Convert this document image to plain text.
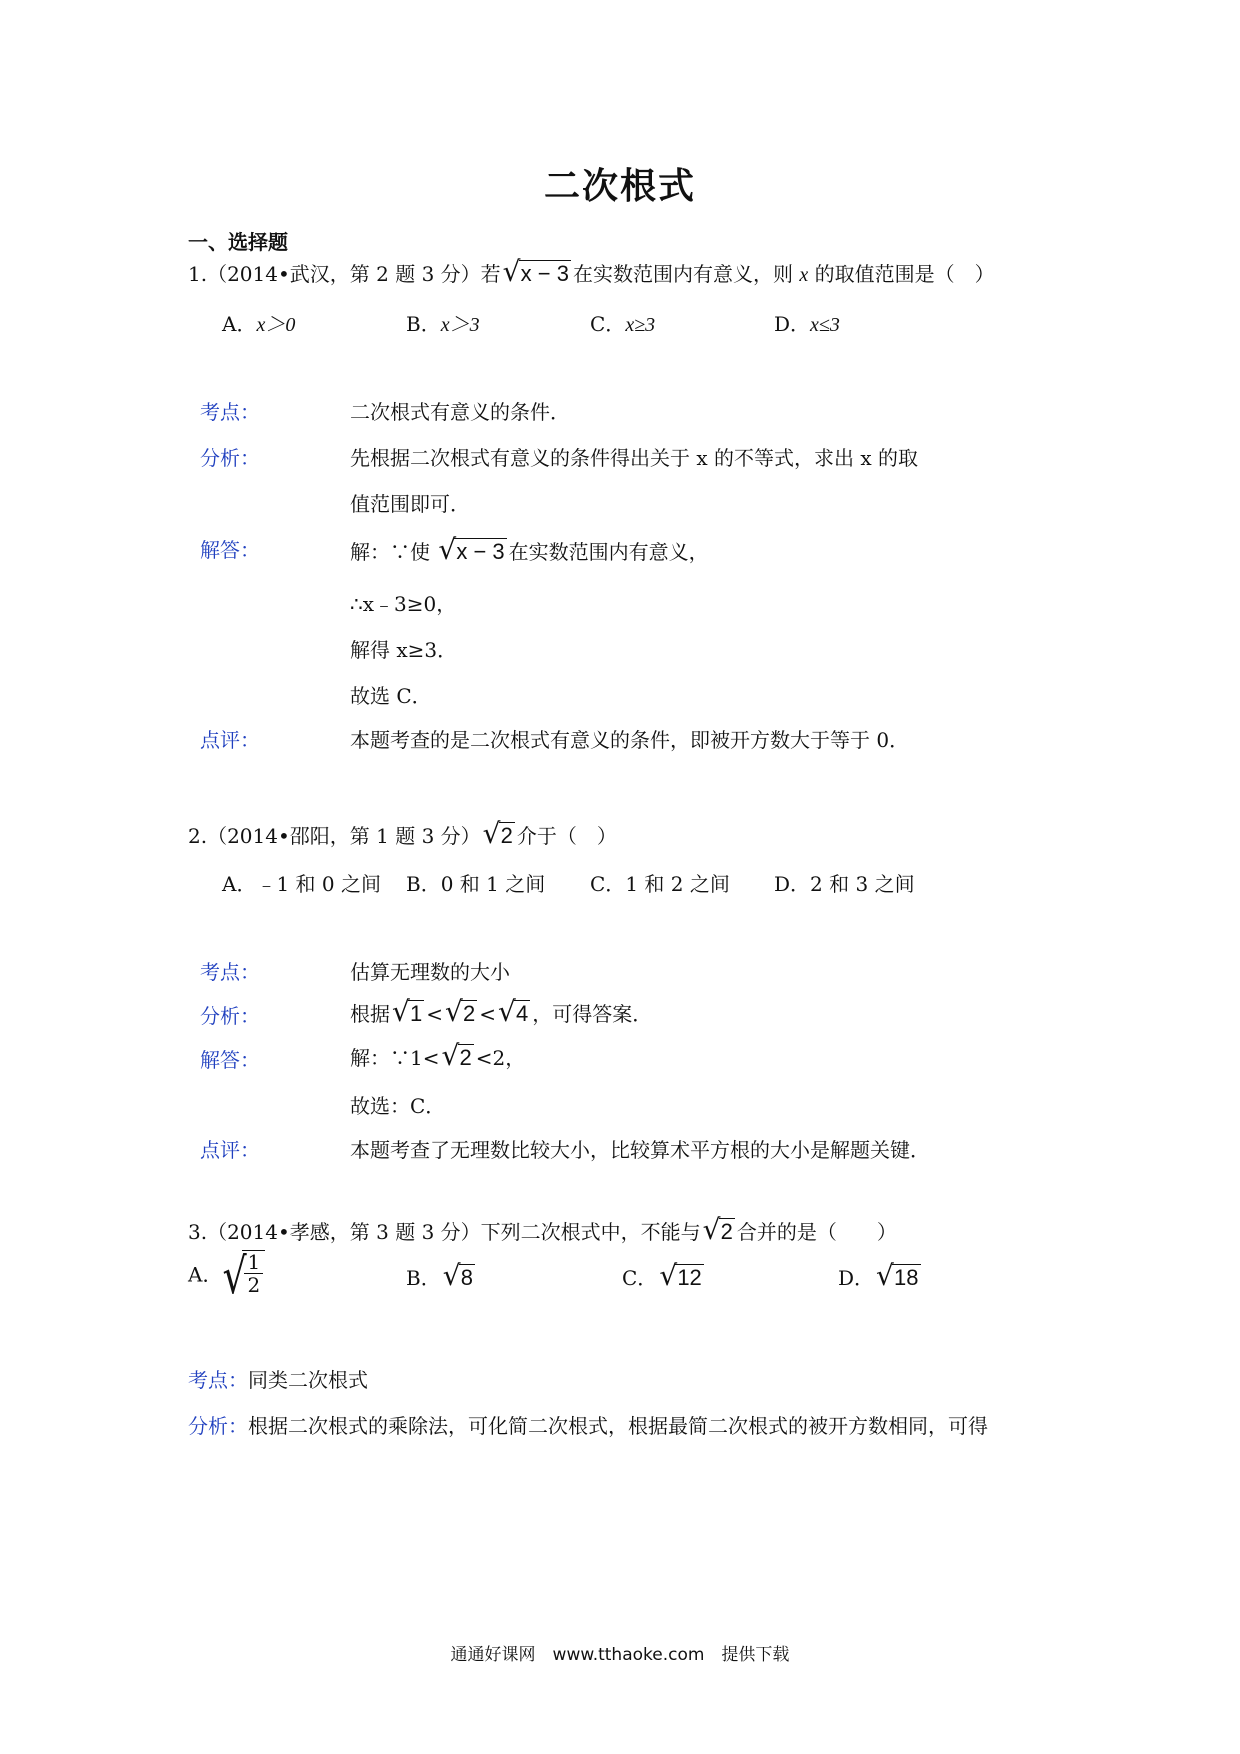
二次根式
一、选择题
1.（2014•武汉，第 2 题 3 分）若 √ x − 3 在实数范围内有意义，则 x 的取值范围是（　）
A．x＞0	B．x＞3	C．x≥3	D．x≤3
考点：	二次根式有意义的条件．
分析：	先根据二次根式有意义的条件得出关于 x 的不等式，求出 x 的取
值范围即可．
解答：	解：∵使 √ x − 3 在实数范围内有意义，
∴x﹣3≥0，
解得 x≥3．
故选 C．
点评：	本题考查的是二次根式有意义的条件，即被开方数大于等于 0．
2.（2014•邵阳，第 1 题 3 分） √ 2 介于（　）
A．﹣1 和 0 之间 B．0 和 1 之间 C．1 和 2 之间 D．2 和 3 之间
考点：	估算无理数的大小
分析：	根据 √ 1 < √ 2 < √ 4 ，可得答案．
解答：	解：∵1< √ 2 <2，
故选：C．
点评：	本题考查了无理数比较大小，比较算术平方根的大小是解题关键．
3.（2014•孝感，第 3 题 3 分）下列二次根式中，不能与 √ 2 合并的是（　　）
A． √ $\frac{1}{2}$	B． √ 8	C． √ 12	D． √ 18
考点：同类二次根式
分析：根据二次根式的乘除法，可化简二次根式，根据最简二次根式的被开方数相同，可得
通通好课网　www.tthaoke.com　提供下载
